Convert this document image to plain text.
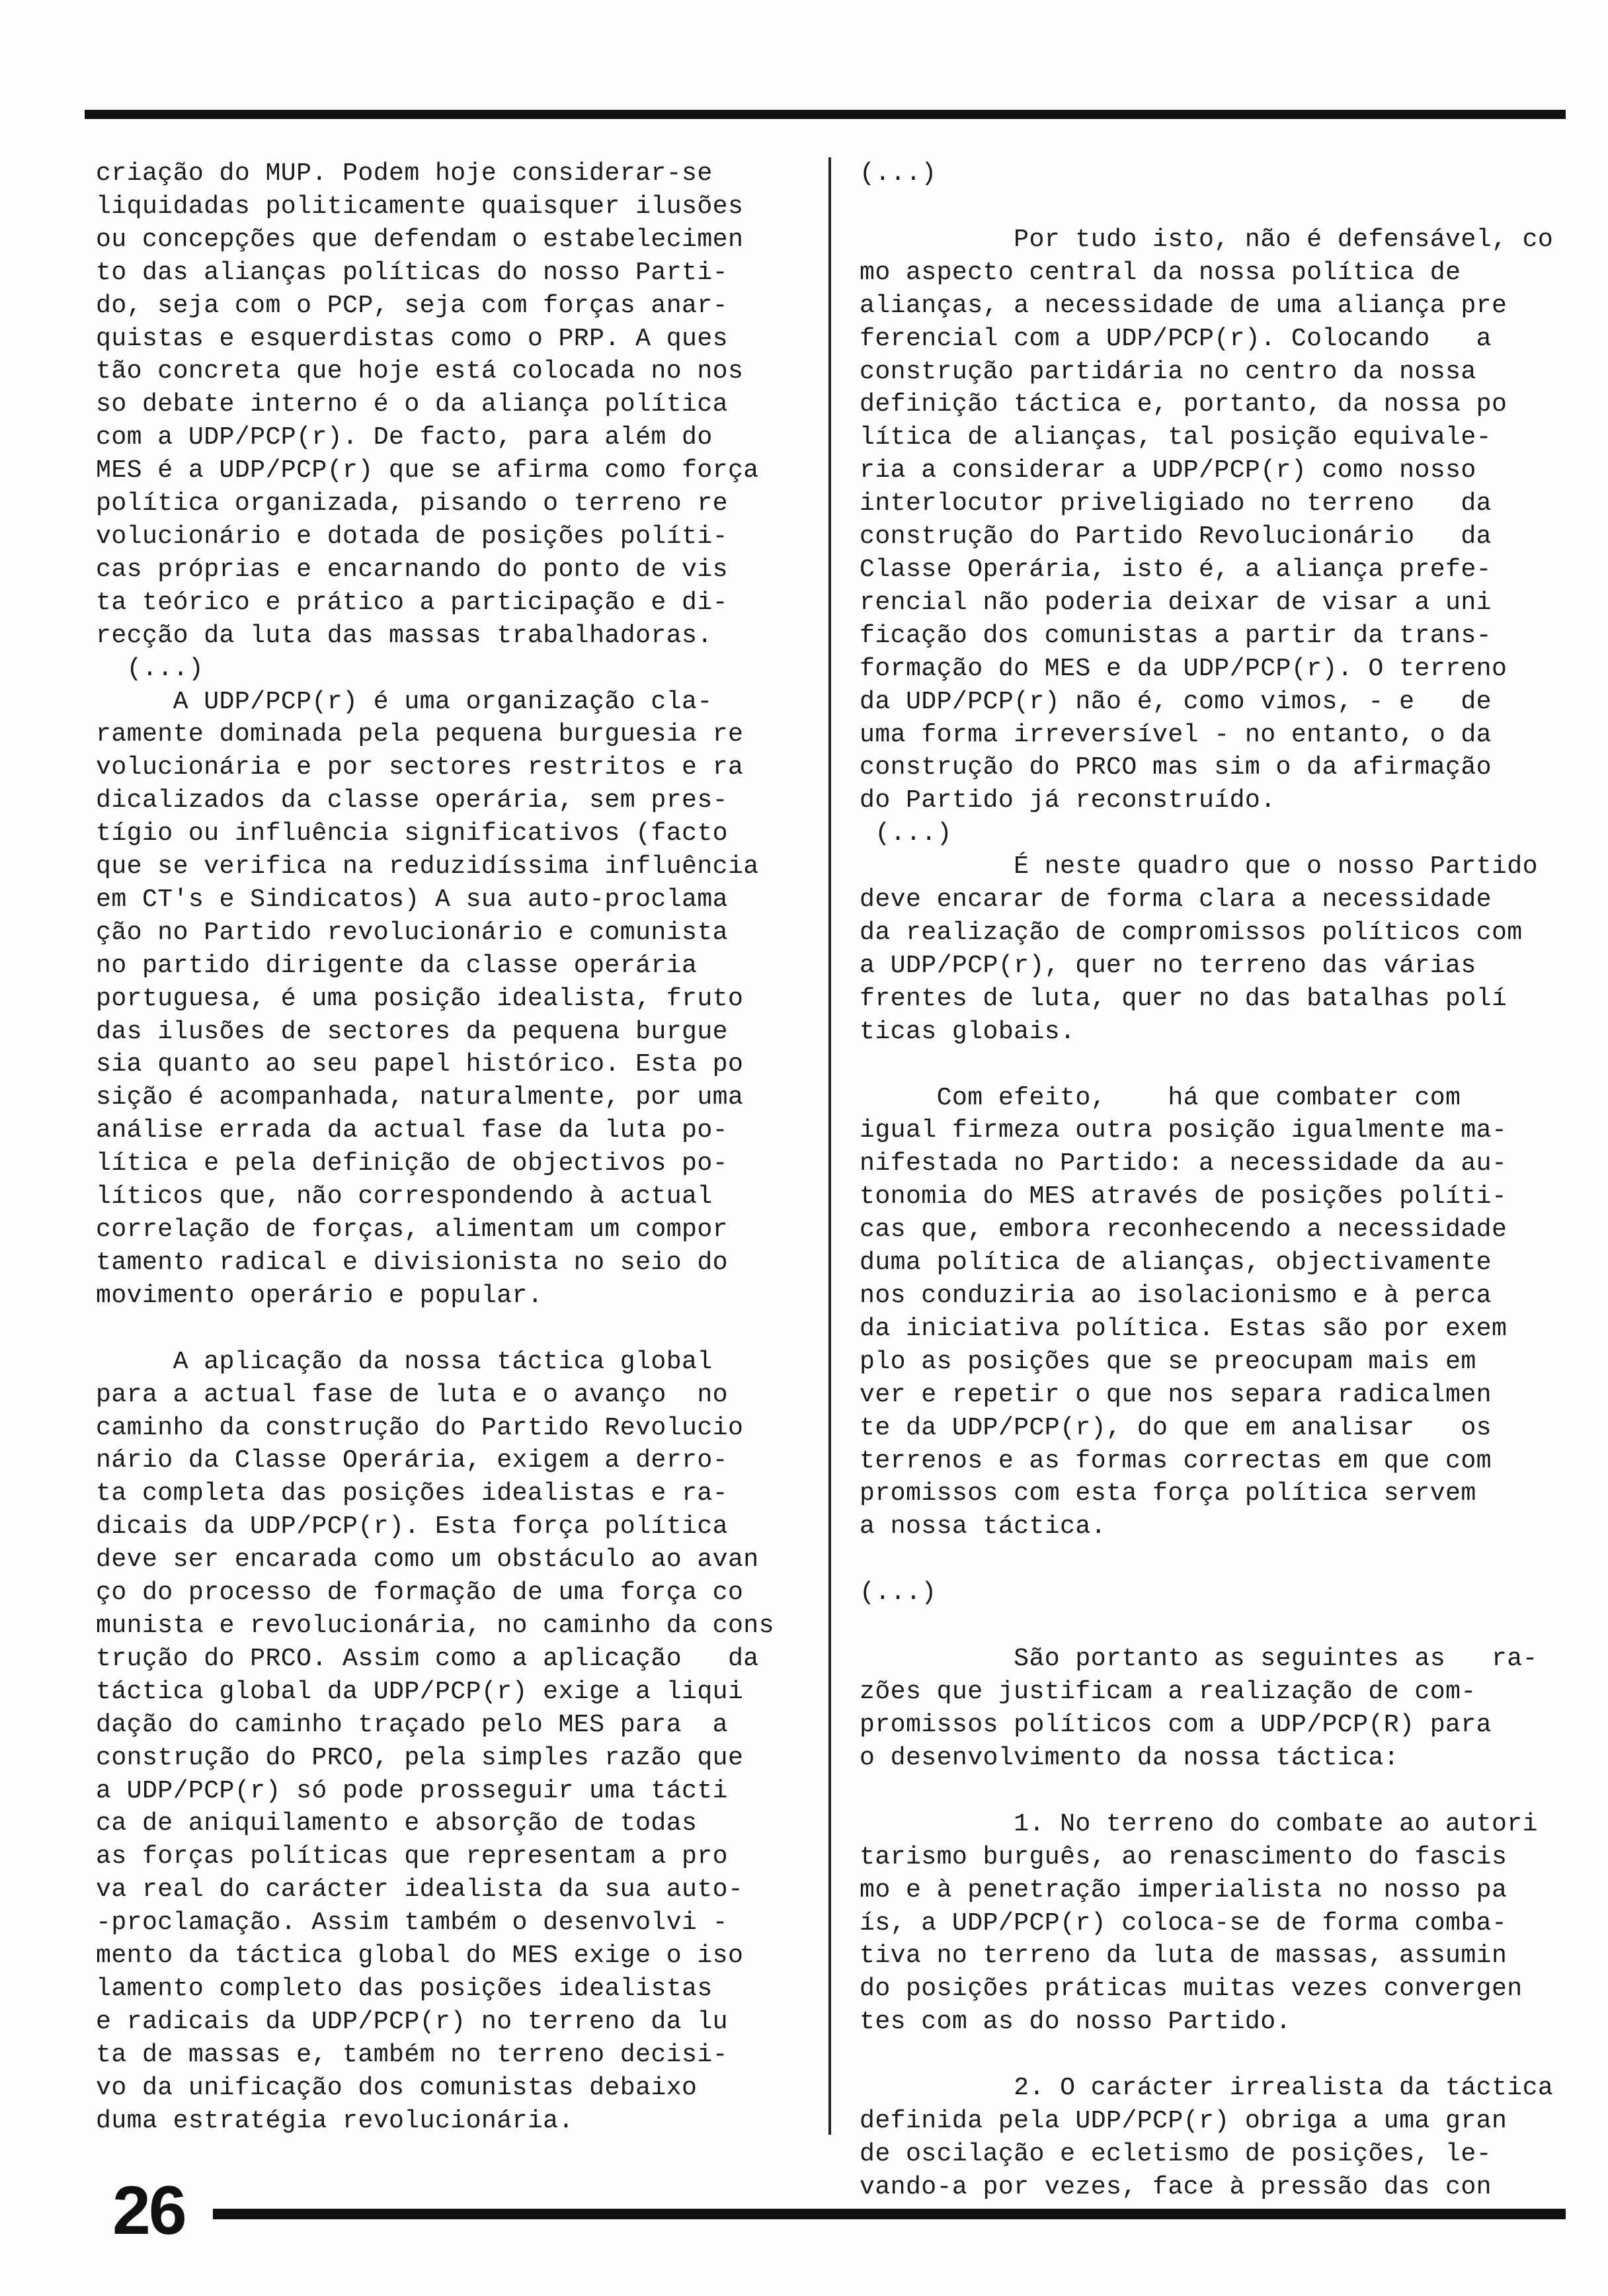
criação do MUP. Podem hoje considerar-se
liquidadas politicamente quaisquer ilusões
ou concepções que defendam o estabelecimen
to das alianças políticas do nosso Parti-
do, seja com o PCP, seja com forças anar-
quistas e esquerdistas como o PRP. A ques
tão concreta que hoje está colocada no nos
so debate interno é o da aliança política
com a UDP/PCP(r). De facto, para além do
MES é a UDP/PCP(r) que se afirma como força
política organizada, pisando o terreno re
volucionário e dotada de posições políti-
cas próprias e encarnando do ponto de vis
ta teórico e prático a participação e di-
recção da luta das massas trabalhadoras.
(...)
A UDP/PCP(r) é uma organização cla-
ramente dominada pela pequena burguesia re
volucionária e por sectores restritos e ra
dicalizados da classe operária, sem pres-
tígio ou influência significativos (facto
que se verifica na reduzidíssima influência
em CT's e Sindicatos) A sua auto-proclama
ção no Partido revolucionário e comunista
no partido dirigente da classe operária
portuguesa, é uma posição idealista, fruto
das ilusões de sectores da pequena burgue
sia quanto ao seu papel histórico. Esta po
sição é acompanhada, naturalmente, por uma
análise errada da actual fase da luta po-
lítica e pela definição de objectivos po-
líticos que, não correspondendo à actual
correlação de forças, alimentam um compor
tamento radical e divisionista no seio do
movimento operário e popular.
A aplicação da nossa táctica global
para a actual fase de luta e o avanço  no
caminho da construção do Partido Revolucio
nário da Classe Operária, exigem a derro-
ta completa das posições idealistas e ra-
dicais da UDP/PCP(r). Esta força política
deve ser encarada como um obstáculo ao avan
ço do processo de formação de uma força co
munista e revolucionária, no caminho da cons
trução do PRCO. Assim como a aplicação   da
táctica global da UDP/PCP(r) exige a liqui
dação do caminho traçado pelo MES para  a
construção do PRCO, pela simples razão que
a UDP/PCP(r) só pode prosseguir uma tácti
ca de aniquilamento e absorção de todas
as forças políticas que representam a pro
va real do carácter idealista da sua auto-
-proclamação. Assim também o desenvolvi -
mento da táctica global do MES exige o iso
lamento completo das posições idealistas
e radicais da UDP/PCP(r) no terreno da lu
ta de massas e, também no terreno decisi-
vo da unificação dos comunistas debaixo
duma estratégia revolucionária.
(...)
Por tudo isto, não é defensável, co
mo aspecto central da nossa política de
alianças, a necessidade de uma aliança pre
ferencial com a UDP/PCP(r). Colocando   a
construção partidária no centro da nossa
definição táctica e, portanto, da nossa po
lítica de alianças, tal posição equivale-
ria a considerar a UDP/PCP(r) como nosso
interlocutor priveligiado no terreno   da
construção do Partido Revolucionário   da
Classe Operária, isto é, a aliança prefe-
rencial não poderia deixar de visar a uni
ficação dos comunistas a partir da trans-
formação do MES e da UDP/PCP(r). O terreno
da UDP/PCP(r) não é, como vimos, - e   de
uma forma irreversível - no entanto, o da
construção do PRCO mas sim o da afirmação
do Partido já reconstruído.
(...)
É neste quadro que o nosso Partido
deve encarar de forma clara a necessidade
da realização de compromissos políticos com
a UDP/PCP(r), quer no terreno das várias
frentes de luta, quer no das batalhas polí
ticas globais.
Com efeito,    há que combater com
igual firmeza outra posição igualmente ma-
nifestada no Partido: a necessidade da au-
tonomia do MES através de posições políti-
cas que, embora reconhecendo a necessidade
duma política de alianças, objectivamente
nos conduziria ao isolacionismo e à perca
da iniciativa política. Estas são por exem
plo as posições que se preocupam mais em
ver e repetir o que nos separa radicalmen
te da UDP/PCP(r), do que em analisar   os
terrenos e as formas correctas em que com
promissos com esta força política servem
a nossa táctica.
(...)
São portanto as seguintes as   ra-
zões que justificam a realização de com-
promissos políticos com a UDP/PCP(R) para
o desenvolvimento da nossa táctica:
1. No terreno do combate ao autori
tarismo burguês, ao renascimento do fascis
mo e à penetração imperialista no nosso pa
ís, a UDP/PCP(r) coloca-se de forma comba-
tiva no terreno da luta de massas, assumin
do posições práticas muitas vezes convergen
tes com as do nosso Partido.
2. O carácter irrealista da táctica
definida pela UDP/PCP(r) obriga a uma gran
de oscilação e ecletismo de posições, le-
vando-a por vezes, face à pressão das con
26
